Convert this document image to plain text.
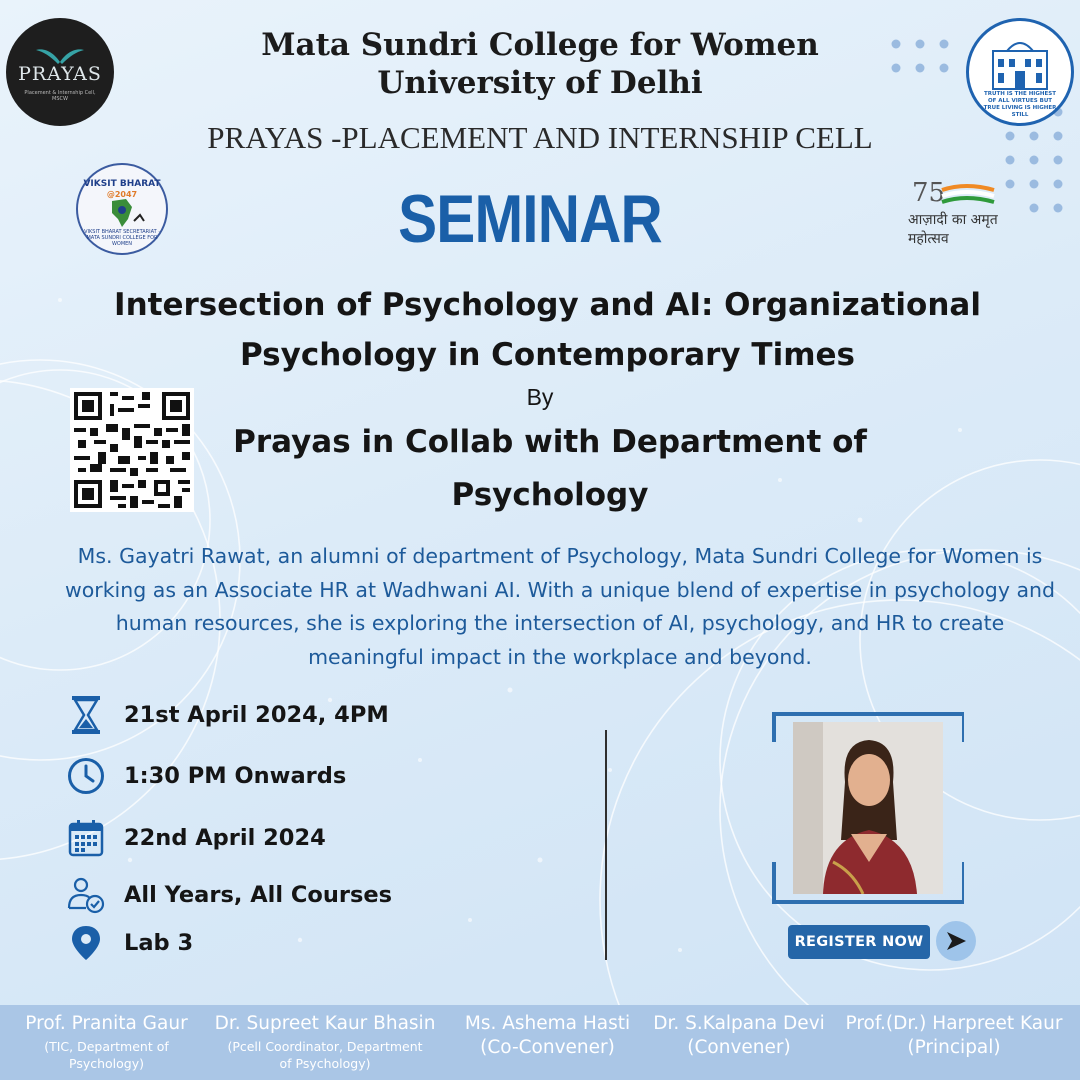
PRAYAS
Placement & Internship Cell, MSCW
TRUTH IS THE HIGHEST OF ALL VIRTUES BUT TRUE LIVING IS HIGHER STILL
VIKSIT BHARAT
@2047
VIKSIT BHARAT SECRETARIAT · MATA SUNDRI COLLEGE FOR WOMEN
75
आज़ादी का अमृत महोत्सव
Mata Sundri College for Women
University of Delhi
PRAYAS -PLACEMENT AND INTERNSHIP CELL
SEMINAR
Intersection of Psychology and AI: Organizational Psychology in Contemporary Times
By
Prayas in Collab with Department of Psychology
Ms. Gayatri Rawat, an alumni of department of Psychology, Mata Sundri College for Women is working as an Associate HR at Wadhwani AI. With a unique blend of expertise in psychology and human resources, she is exploring the intersection of AI, psychology, and HR to create meaningful impact in the workplace and beyond.
21st April 2024, 4PM
1:30 PM Onwards
22nd April 2024
All Years, All Courses
Lab 3	REGISTER NOW
Prof. Pranita Gaur
(TIC, Department of Psychology)
Dr. Supreet Kaur Bhasin
(Pcell Coordinator, Department of Psychology)
Ms. Ashema Hasti
(Co-Convener)
Dr. S.Kalpana Devi
(Convener)
Prof.(Dr.) Harpreet Kaur
(Principal)
